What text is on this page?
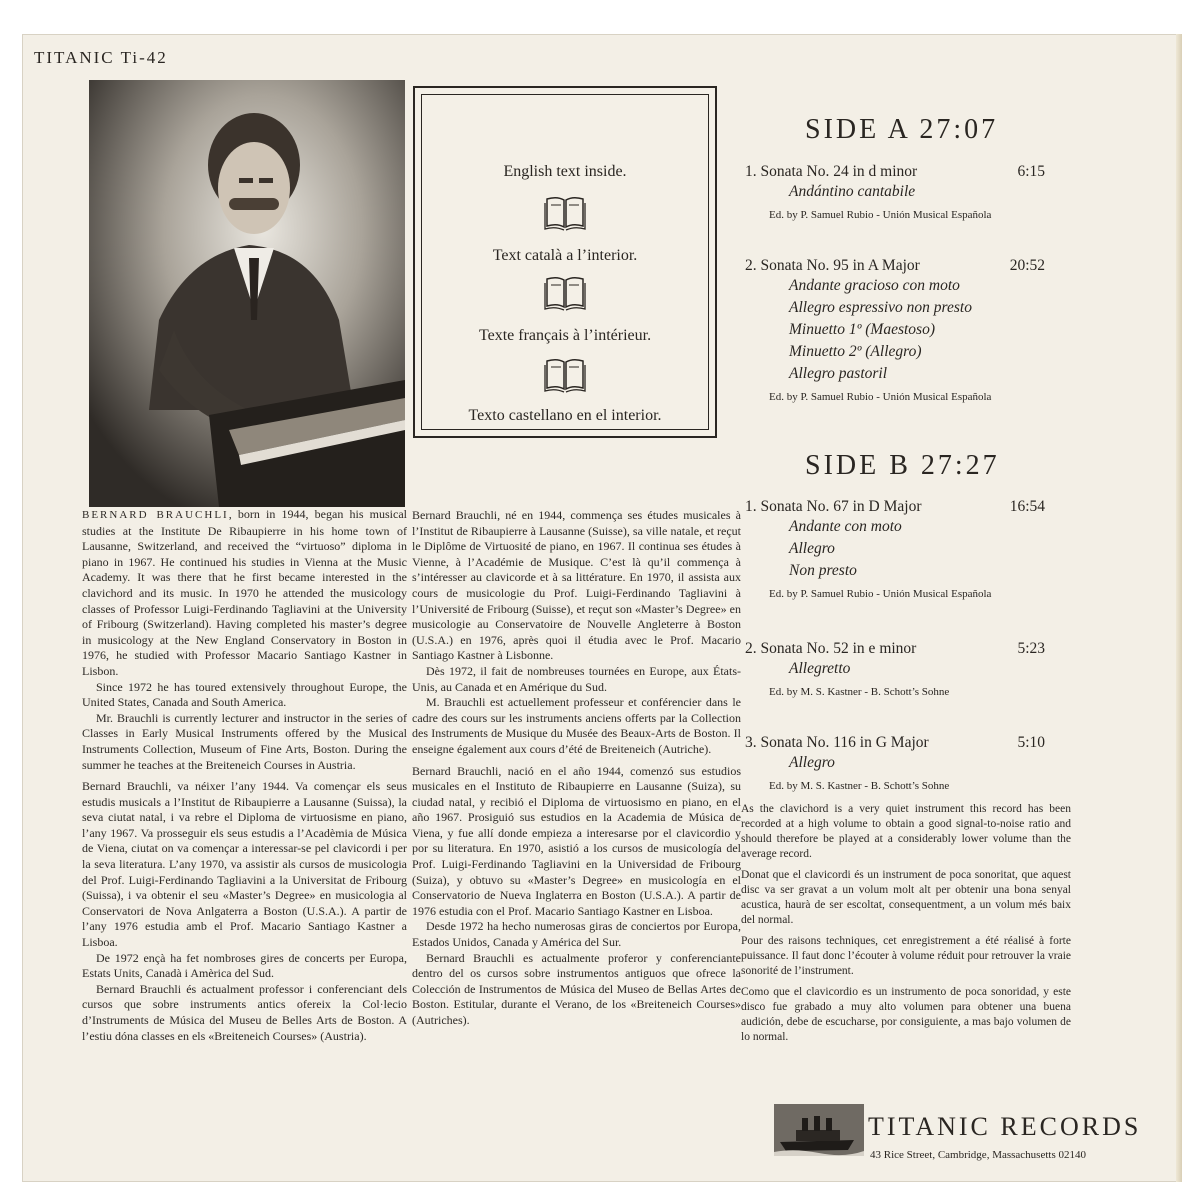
TITANIC Ti-42

BERNARD BRAUCHLI, born in 1944, began his musical studies at the Institute De Ribaupierre in his home town of Lausanne, Switzerland, and received the “virtuoso” diploma in piano in 1967. He continued his studies in Vienna at the Music Academy. It was there that he first became interested in the clavichord and its music. In 1970 he attended the musicology classes of Professor Luigi-Ferdinando Tagliavini at the University of Fribourg (Switzerland). Having completed his master’s degree in musicology at the New England Conservatory in Boston in 1976, he studied with Professor Macario Santiago Kastner in Lisbon.

Since 1972 he has toured extensively throughout Europe, the United States, Canada and South America.

Mr. Brauchli is currently lecturer and instructor in the series of Classes in Early Musical Instruments offered by the Musical Instruments Collection, Museum of Fine Arts, Boston. During the summer he teaches at the Breiteneich Courses in Austria.

Bernard Brauchli, va néixer l’any 1944. Va començar els seus estudis musicals a l’Institut de Ribaupierre a Lausanne (Suissa), la seva ciutat natal, i va rebre el Diploma de virtuosisme en piano, l’any 1967. Va prosseguir els seus estudis a l’Acadèmia de Música de Viena, ciutat on va començar a interessar-se pel clavicordi i per la seva literatura. L’any 1970, va assistir als cursos de musicologia del Prof. Luigi-Ferdinando Tagliavini a la Universitat de Fribourg (Suissa), i va obtenir el seu «Master’s Degree» en musicologia al Conservatori de Nova Anlgaterra a Boston (U.S.A.). A partir de l’any 1976 estudia amb el Prof. Macario Santiago Kastner a Lisboa.

De 1972 ençà ha fet nombroses gires de concerts per Europa, Estats Units, Canadà i Amèrica del Sud.

Bernard Brauchli és actualment professor i conferenciant dels cursos que sobre instruments antics ofereix la Col·lecio d’Instruments de Música del Museu de Belles Arts de Boston. A l’estiu dóna classes en els «Breiteneich Courses» (Austria).

English text inside.
Text català a l’interior.
Texte français à l’intérieur.
Texto castellano en el interior.

Bernard Brauchli, né en 1944, commença ses études musicales à l’Institut de Ribaupierre à Lausanne (Suisse), sa ville natale, et reçut le Diplôme de Virtuosité de piano, en 1967. Il continua ses études à Vienne, à l’Académie de Musique. C’est là qu’il commença à s’intéresser au clavicorde et à sa littérature. En 1970, il assista aux cours de musicologie du Prof. Luigi-Ferdinando Tagliavini à l’Université de Fribourg (Suisse), et reçut son «Master’s Degree» en musicologie au Conservatoire de Nouvelle Angleterre à Boston (U.S.A.) en 1976, après quoi il étudia avec le Prof. Macario Santiago Kastner à Lisbonne.

Dès 1972, il fait de nombreuses tournées en Europe, aux États-Unis, au Canada et en Amérique du Sud.

M. Brauchli est actuellement professeur et conférencier dans le cadre des cours sur les instruments anciens offerts par la Collection des Instruments de Musique du Musée des Beaux-Arts de Boston. Il enseigne également aux cours d’été de Breiteneich (Autriche).

Bernard Brauchli, nació en el año 1944, comenzó sus estudios musicales en el Instituto de Ribaupierre en Lausanne (Suiza), su ciudad natal, y recibió el Diploma de virtuosismo en piano, en el año 1967. Prosiguió sus estudios en la Academia de Música de Viena, y fue allí donde empieza a interesarse por el clavicordio y por su literatura. En 1970, asistió a los cursos de musicología del Prof. Luigi-Ferdinando Tagliavini en la Universidad de Fribourg (Suiza), y obtuvo su «Master’s Degree» en musicología en el Conservatorio de Nueva Inglaterra en Boston (U.S.A.). A partir de 1976 estudia con el Prof. Macario Santiago Kastner en Lisboa.

Desde 1972 ha hecho numerosas giras de conciertos por Europa, Estados Unidos, Canada y América del Sur.

Bernard Brauchli es actualmente proferor y conferenciante dentro del os cursos sobre instrumentos antiguos que ofrece la Colección de Instrumentos de Música del Museo de Bellas Artes de Boston. Estitular, durante el Verano, de los «Breiteneich Courses» (Autriches).

SIDE A 27:07
1. Sonata No. 24 in d minor	6:15
Andántino cantabile
Ed. by P. Samuel Rubio - Unión Musical Española
2. Sonata No. 95 in A Major	20:52
Andante gracioso con moto
Allegro espressivo non presto
Minuetto 1º (Maestoso)
Minuetto 2º (Allegro)
Allegro pastoril
Ed. by P. Samuel Rubio - Unión Musical Española
SIDE B 27:27
1. Sonata No. 67 in D Major	16:54
Andante con moto
Allegro
Non presto
Ed. by P. Samuel Rubio - Unión Musical Española
2. Sonata No. 52 in e minor	5:23
Allegretto
Ed. by M. S. Kastner - B. Schott’s Sohne
3. Sonata No. 116 in G Major	5:10
Allegro
Ed. by M. S. Kastner - B. Schott’s Sohne

As the clavichord is a very quiet instrument this record has been recorded at a high volume to obtain a good signal-to-noise ratio and should therefore be played at a considerably lower volume than the average record.

Donat que el clavicordi és un instrument de poca sonoritat, que aquest disc va ser gravat a un volum molt alt per obtenir una bona senyal acustica, haurà de ser escoltat, consequentment, a un volum més baix del normal.

Pour des raisons techniques, cet enregistrement a été réalisé à forte puissance. Il faut donc l’écouter à volume réduit pour retrouver la vraie sonorité de l’instrument.

Como que el clavicordio es un instrumento de poca sonoridad, y este disco fue grabado a muy alto volumen para obtener una buena audición, debe de escucharse, por consiguiente, a mas bajo volumen de lo normal.

TITANIC RECORDS
43 Rice Street, Cambridge, Massachusetts 02140
